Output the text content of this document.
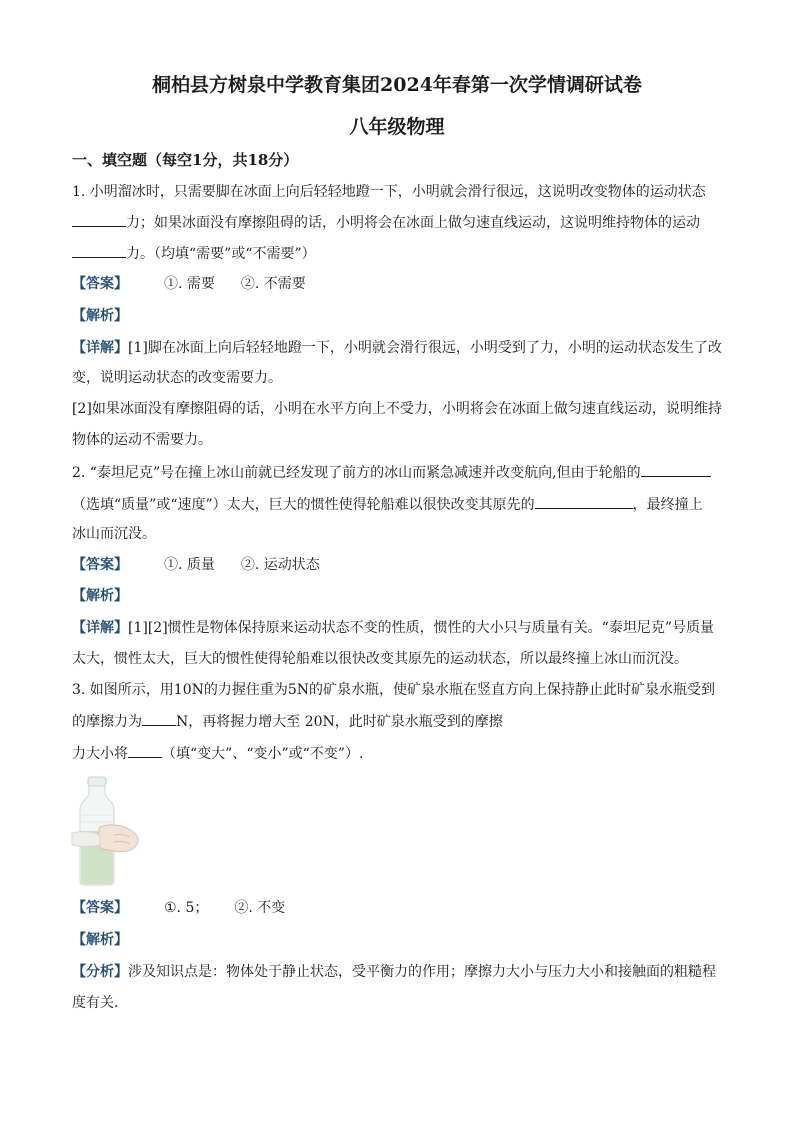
桐柏县方树泉中学教育集团2024年春第一次学情调研试卷
八年级物理
一、填空题（每空1分，共18分）
1. 小明溜冰时，只需要脚在冰面上向后轻轻地蹬一下，小明就会滑行很远，这说明改变物体的运动状态
力；如果冰面没有摩擦阻碍的话，小明将会在冰面上做匀速直线运动，这说明维持物体的运动
力。（均填“需要”或“不需要”）
【答案】	①. 需要 ②. 不需要
【解析】
【详解】[1]脚在冰面上向后轻轻地蹬一下，小明就会滑行很远，小明受到了力，小明的运动状态发生了改
变，说明运动状态的改变需要力。
[2]如果冰面没有摩擦阻碍的话，小明在水平方向上不受力，小明将会在冰面上做匀速直线运动，说明维持
物体的运动不需要力。
2. “泰坦尼克”号在撞上冰山前就已经发现了前方的冰山而紧急减速并改变航向,但由于轮船的
（选填“质量”或“速度”）太大，巨大的惯性使得轮船难以很快改变其原先的	，最终撞上
冰山而沉没。
【答案】	①. 质量 ②. 运动状态
【解析】
【详解】[1][2]惯性是物体保持原来运动状态不变的性质，惯性的大小只与质量有关。“泰坦尼克”号质量
太大，惯性太大，巨大的惯性使得轮船难以很快改变其原先的运动状态，所以最终撞上冰山而沉没。
3. 如图所示，用10N的力握住重为5N的矿泉水瓶，使矿泉水瓶在竖直方向上保持静止此时矿泉水瓶受到
的摩擦力为 N，再将握力增大至 20N，此时矿泉水瓶受到的摩擦
力大小将 （填“变大”、“变小”或“不变”）.
【答案】	①. 5； ②. 不变
【解析】
【分析】涉及知识点是：物体处于静止状态，受平衡力的作用；摩擦力大小与压力大小和接触面的粗糙程
度有关．
